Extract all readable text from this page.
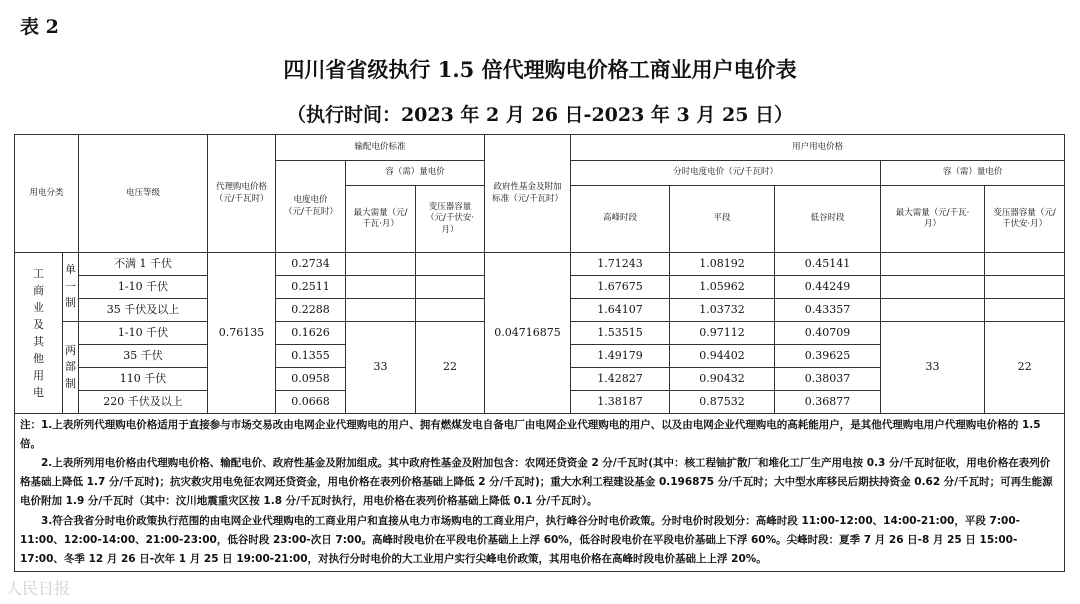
表 2
四川省省级执行 1.5 倍代理购电价格工商业用户电价表
（执行时间：2023 年 2 月 26 日-2023 年 3 月 25 日）
用电分类		电压等级	代理购电价格（元/千瓦时）	输配电价标准			政府性基金及附加标准（元/千瓦时）	用户用电价格				
				电度电价（元/千瓦时）	容（需）量电价			分时电度电价（元/千瓦时）			容（需）量电价	
					最大需量（元/千瓦·月）	变压器容量（元/千伏安·月）		高峰时段	平段	低谷时段	最大需量（元/千瓦·月）	变压器容量（元/千伏安·月）

工商业及其他用电	单一制	不满 1 千伏	0.76135	0.2734			0.04716875	1.71243	1.08192	0.45141		
		1-10 千伏		0.2511				1.67675	1.05962	0.44249		
		35 千伏及以上		0.2288				1.64107	1.03732	0.43357		

	两部制	1-10 千伏		0.1626	33	22		1.53515	0.97112	0.40709	33	22
		35 千伏		0.1355				1.49179	0.94402	0.39625		
		110 千伏		0.0958				1.42827	0.90432	0.38037		
		220 千伏及以上		0.0668				1.38187	0.87532	0.36877		

注：1.上表所列代理购电价格适用于直接参与市场交易改由电网企业代理购电的用户、拥有燃煤发电自备电厂由电网企业代理购电的用户、以及由电网企业代理购电的高耗能用户，是其他代理购电用户代理购电价格的 1.5 倍。

2.上表所列用电价格由代理购电价格、输配电价、政府性基金及附加组成。其中政府性基金及附加包含：农网还贷资金 2 分/千瓦时(其中：核工程铀扩散厂和堆化工厂生产用电按 0.3 分/千瓦时征收，用电价格在表列价格基础上降低 1.7 分/千瓦时)；抗灾救灾用电免征农网还贷资金，用电价格在表列价格基础上降低 2 分/千瓦时)；重大水利工程建设基金 0.196875 分/千瓦时；大中型水库移民后期扶持资金 0.62 分/千瓦时；可再生能源电价附加 1.9 分/千瓦时（其中：汶川地震重灾区按 1.8 分/千瓦时执行，用电价格在表列价格基础上降低 0.1 分/千瓦时）。

3.符合我省分时电价政策执行范围的由电网企业代理购电的工商业用户和直接从电力市场购电的工商业用户，执行峰谷分时电价政策。分时电价时段划分：高峰时段 11:00-12:00、14:00-21:00，平段 7:00-11:00、12:00-14:00、21:00-23:00，低谷时段 23:00-次日 7:00。高峰时段电价在平段电价基础上上浮 60%，低谷时段电价在平段电价基础上下浮 60%。尖峰时段：夏季 7 月 26 日-8 月 25 日 15:00-17:00、冬季 12 月 26 日-次年 1 月 25 日 19:00-21:00，对执行分时电价的大工业用户实行尖峰电价政策，其用电价格在高峰时段电价基础上上浮 20%。												

人民日报
